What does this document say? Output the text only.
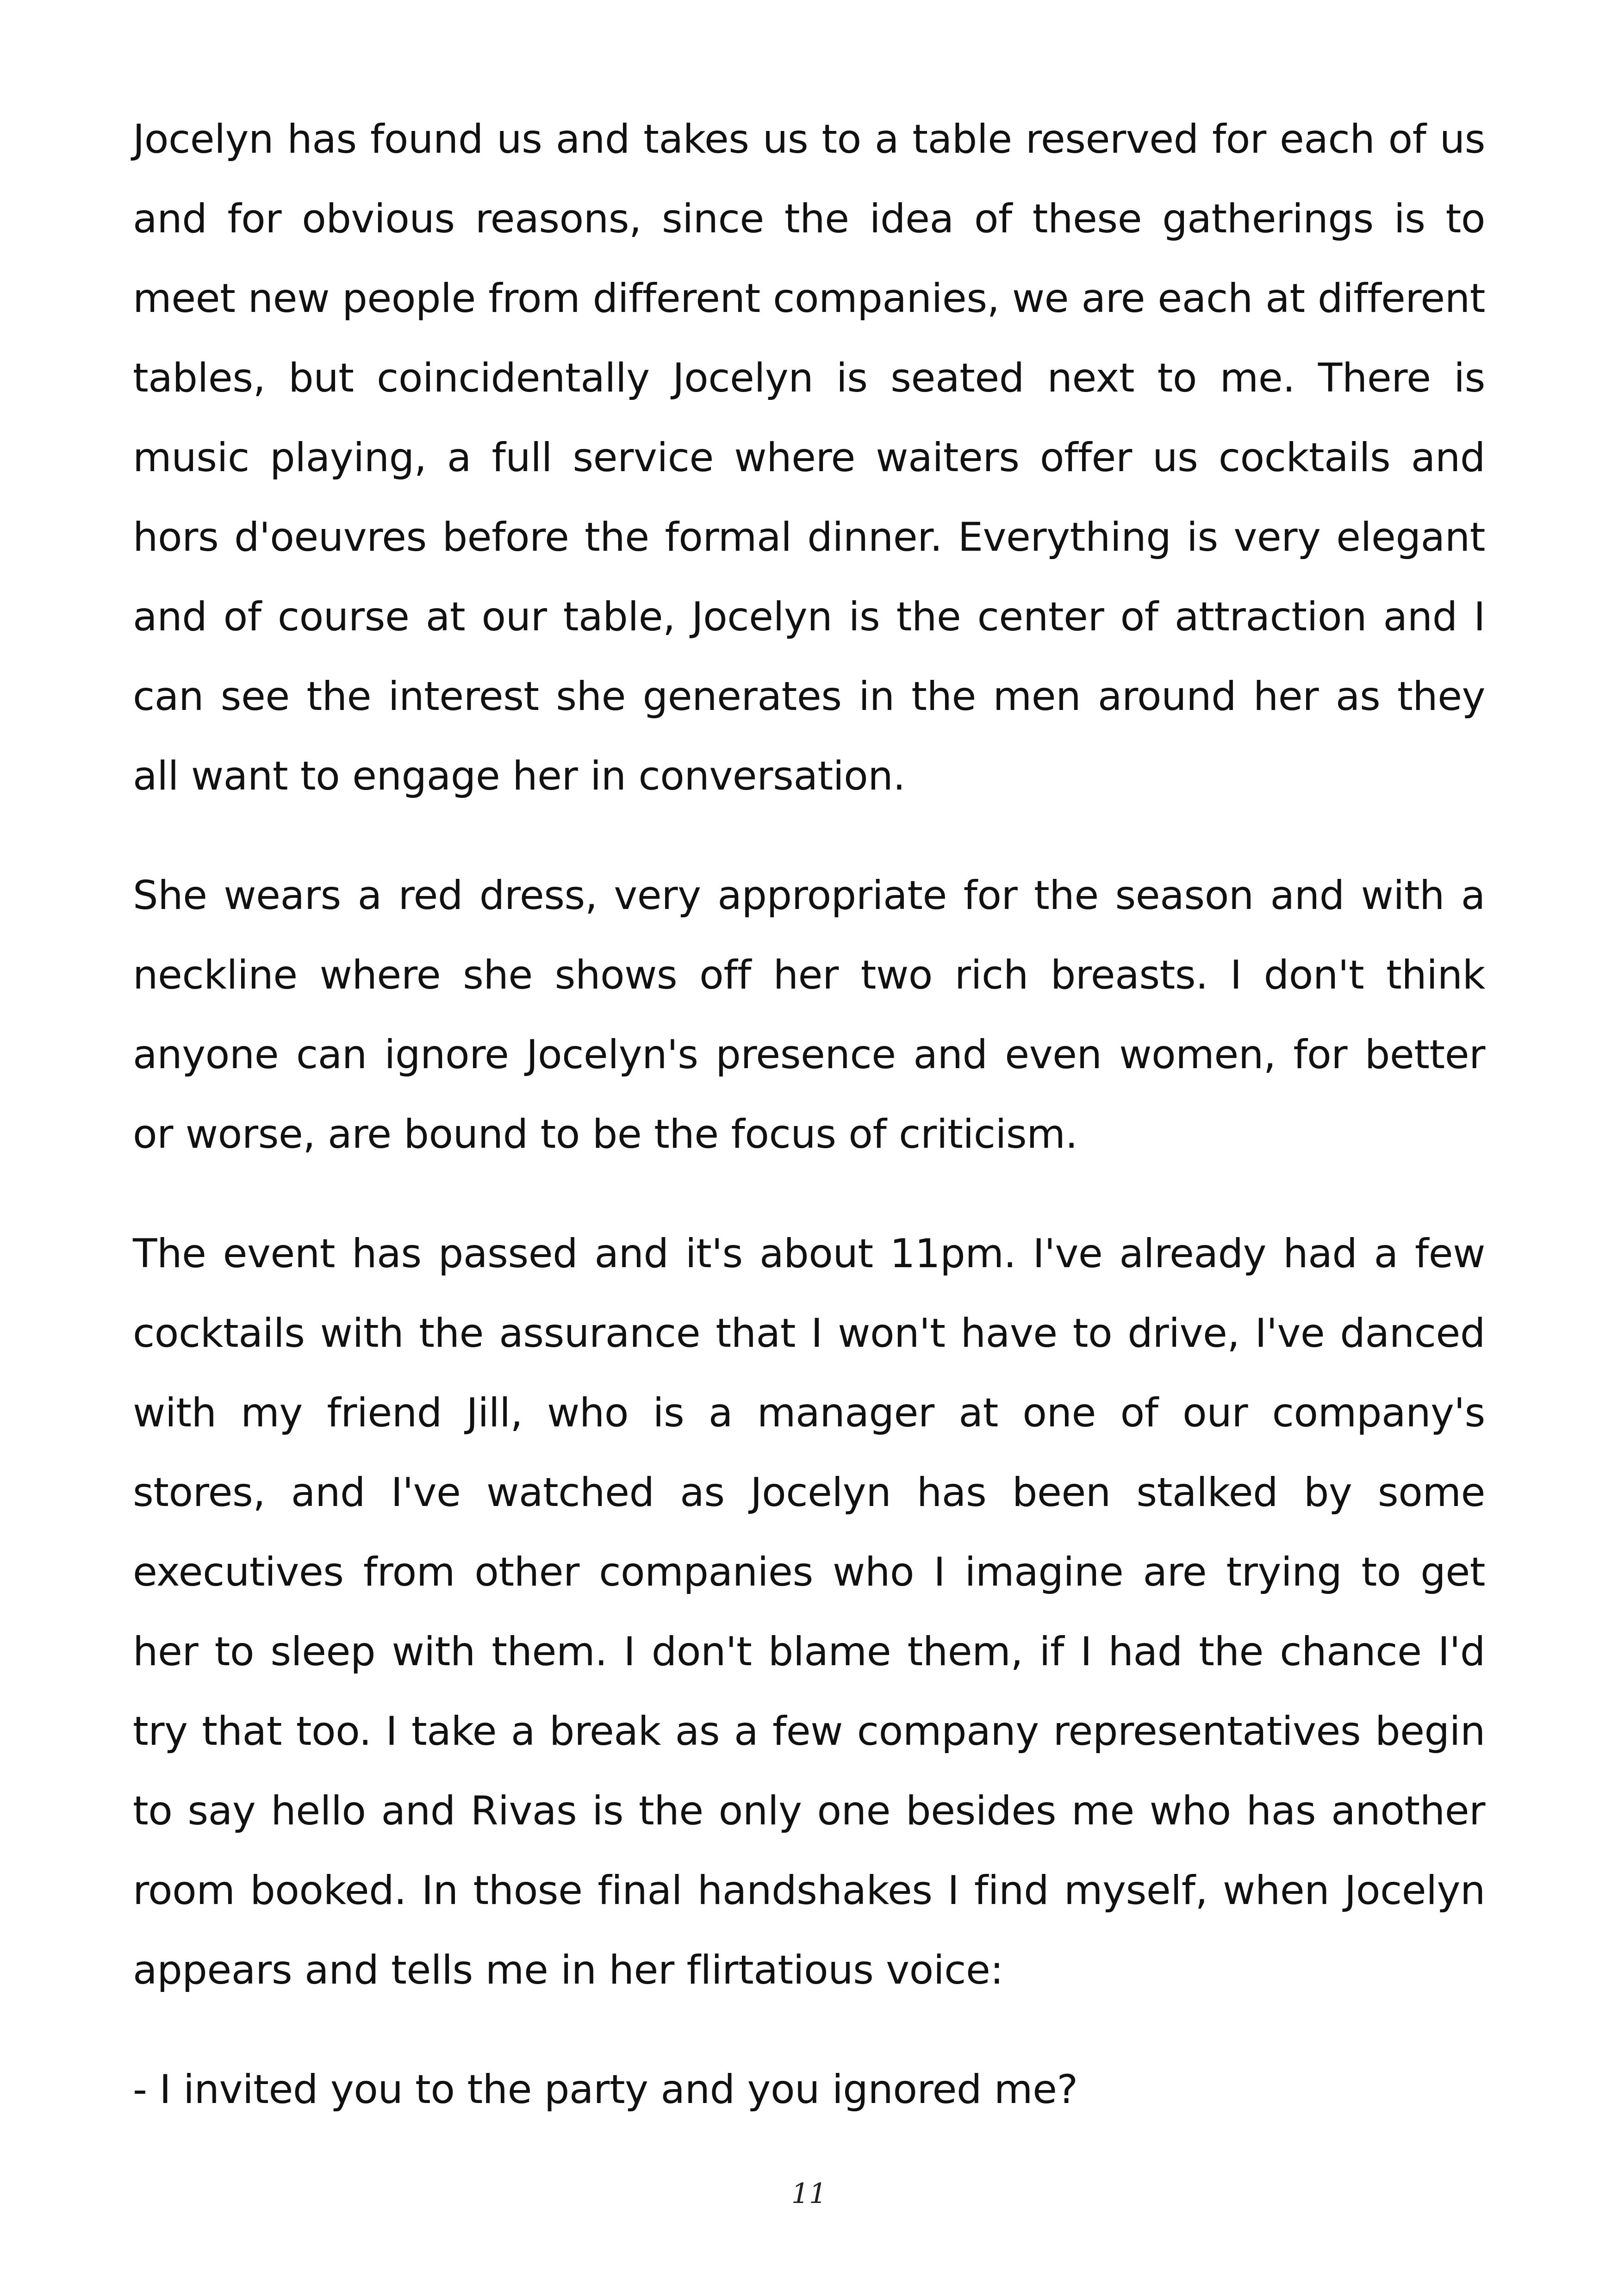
Jocelyn has found us and takes us to a table reserved for each of us and for obvious reasons, since the idea of these gatherings is to meet new people from different companies, we are each at different tables, but coincidentally Jocelyn is seated next to me. There is music playing, a full service where waiters offer us cocktails and hors d'oeuvres before the formal dinner. Everything is very elegant and of course at our table, Jocelyn is the center of attraction and I can see the interest she generates in the men around her as they all want to engage her in conversation.

She wears a red dress, very appropriate for the season and with a neckline where she shows off her two rich breasts. I don't think anyone can ignore Jocelyn's presence and even women, for better or worse, are bound to be the focus of criticism.

The event has passed and it's about 11pm. I've already had a few cocktails with the assurance that I won't have to drive, I've danced with my friend Jill, who is a manager at one of our company's stores, and I've watched as Jocelyn has been stalked by some executives from other companies who I imagine are trying to get her to sleep with them. I don't blame them, if I had the chance I'd try that too. I take a break as a few company representatives begin to say hello and Rivas is the only one besides me who has another room booked. In those final handshakes I find myself, when Jocelyn appears and tells me in her flirtatious voice:

- I invited you to the party and you ignored me?

11
